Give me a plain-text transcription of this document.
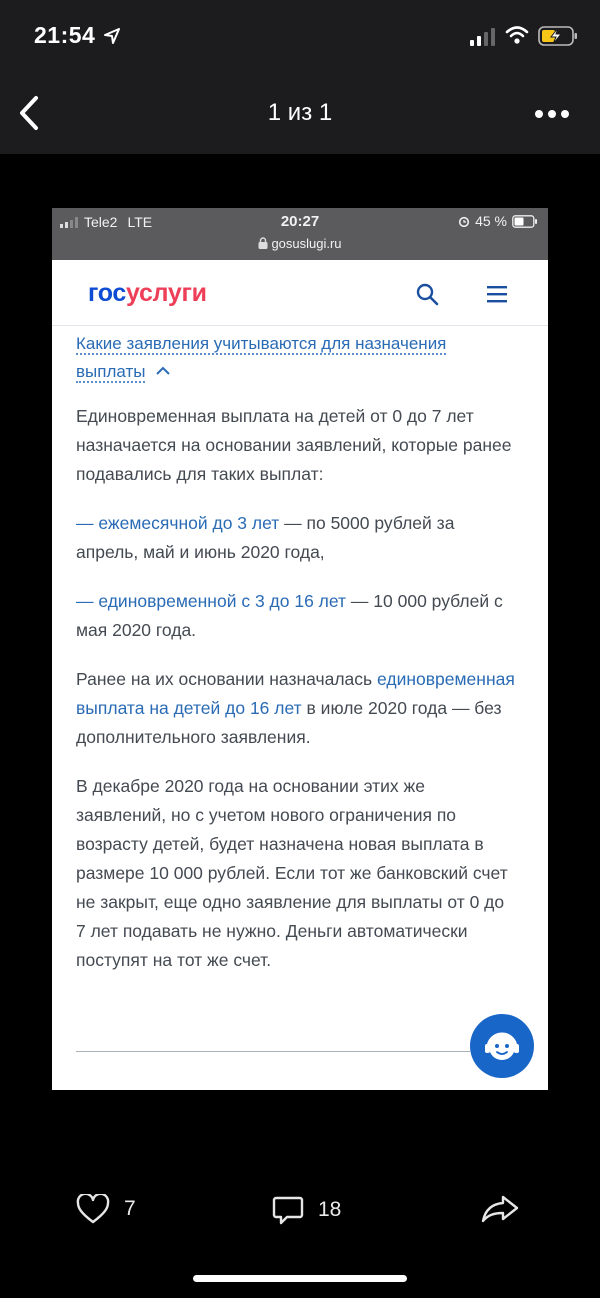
21:54
1 из 1
Tele2 LTE	20:27	45 %
gosuslugi.ru
госуслуги
Какие заявления учитываются для назначения выплаты

Единовременная выплата на детей от 0 до 7 лет назначается на основании заявлений, которые ранее подавались для таких выплат:

— ежемесячной до 3 лет — по 5000 рублей за апрель, май и июнь 2020 года,

— единовременной с 3 до 16 лет — 10 000 рублей с мая 2020 года.

Ранее на их основании назначалась единовременная выплата на детей до 16 лет в июле 2020 года — без дополнительного заявления.

В декабре 2020 года на основании этих же заявлений, но с учетом нового ограничения по возрасту детей, будет назначена новая выплата в размере 10 000 рублей. Если тот же банковский счет не закрыт, еще одно заявление для выплаты от 0 до 7 лет подавать не нужно. Деньги автоматически поступят на тот же счет.

7	18
